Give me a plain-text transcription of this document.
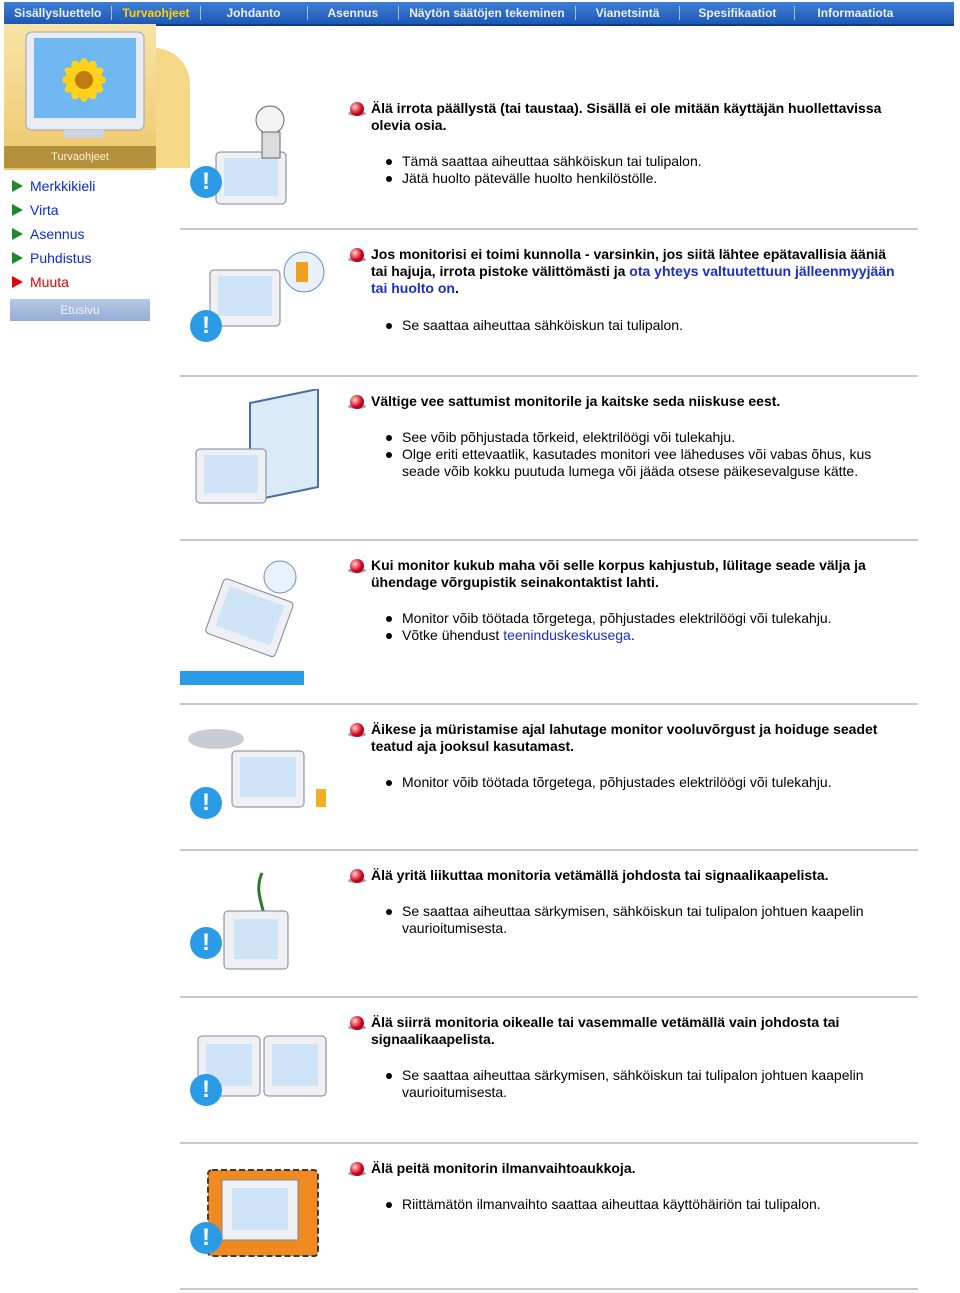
Sisällysluettelo	Turvaohjeet	Johdanto	Asennus	Näytön säätöjen tekeminen	Vianetsintä	Spesifikaatiot	Informaatiota
Turvaohjeet
Merkkikieli
Virta
Asennus
Puhdistus
Muuta
Etusivu
!
Älä irrota päällystä (tai taustaa). Sisällä ei ole mitään käyttäjän huollettavissa olevia osia.
Tämä saattaa aiheuttaa sähköiskun tai tulipalon.
Jätä huolto pätevälle huolto henkilöstölle.
!
Jos monitorisi ei toimi kunnolla - varsinkin, jos siitä lähtee epätavallisia ääniä tai hajuja, irrota pistoke välittömästi ja ota yhteys valtuutettuun jälleenmyyjään tai huolto on.
Se saattaa aiheuttaa sähköiskun tai tulipalon.
Vältige vee sattumist monitorile ja kaitske seda niiskuse eest.
See võib põhjustada tõrkeid, elektrilöögi või tulekahju.
Olge eriti ettevaatlik, kasutades monitori vee läheduses või vabas õhus, kus seade võib kokku puutuda lumega või jääda otsese päikesevalguse kätte.
Kui monitor kukub maha või selle korpus kahjustub, lülitage seade välja ja ühendage võrgupistik seinakontaktist lahti.
Monitor võib töötada tõrgetega, põhjustades elektrilöögi või tulekahju.
Võtke ühendust teeninduskeskusega.
!
Äikese ja müristamise ajal lahutage monitor vooluvõrgust ja hoiduge seadet teatud aja jooksul kasutamast.
Monitor võib töötada tõrgetega, põhjustades elektrilöögi või tulekahju.
!
Älä yritä liikuttaa monitoria vetämällä johdosta tai signaalikaapelista.
Se saattaa aiheuttaa särkymisen, sähköiskun tai tulipalon johtuen kaapelin vaurioitumisesta.
!
Älä siirrä monitoria oikealle tai vasemmalle vetämällä vain johdosta tai signaalikaapelista.
Se saattaa aiheuttaa särkymisen, sähköiskun tai tulipalon johtuen kaapelin vaurioitumisesta.
!
Älä peitä monitorin ilmanvaihtoaukkoja.
Riittämätön ilmanvaihto saattaa aiheuttaa käyttöhäiriön tai tulipalon.
